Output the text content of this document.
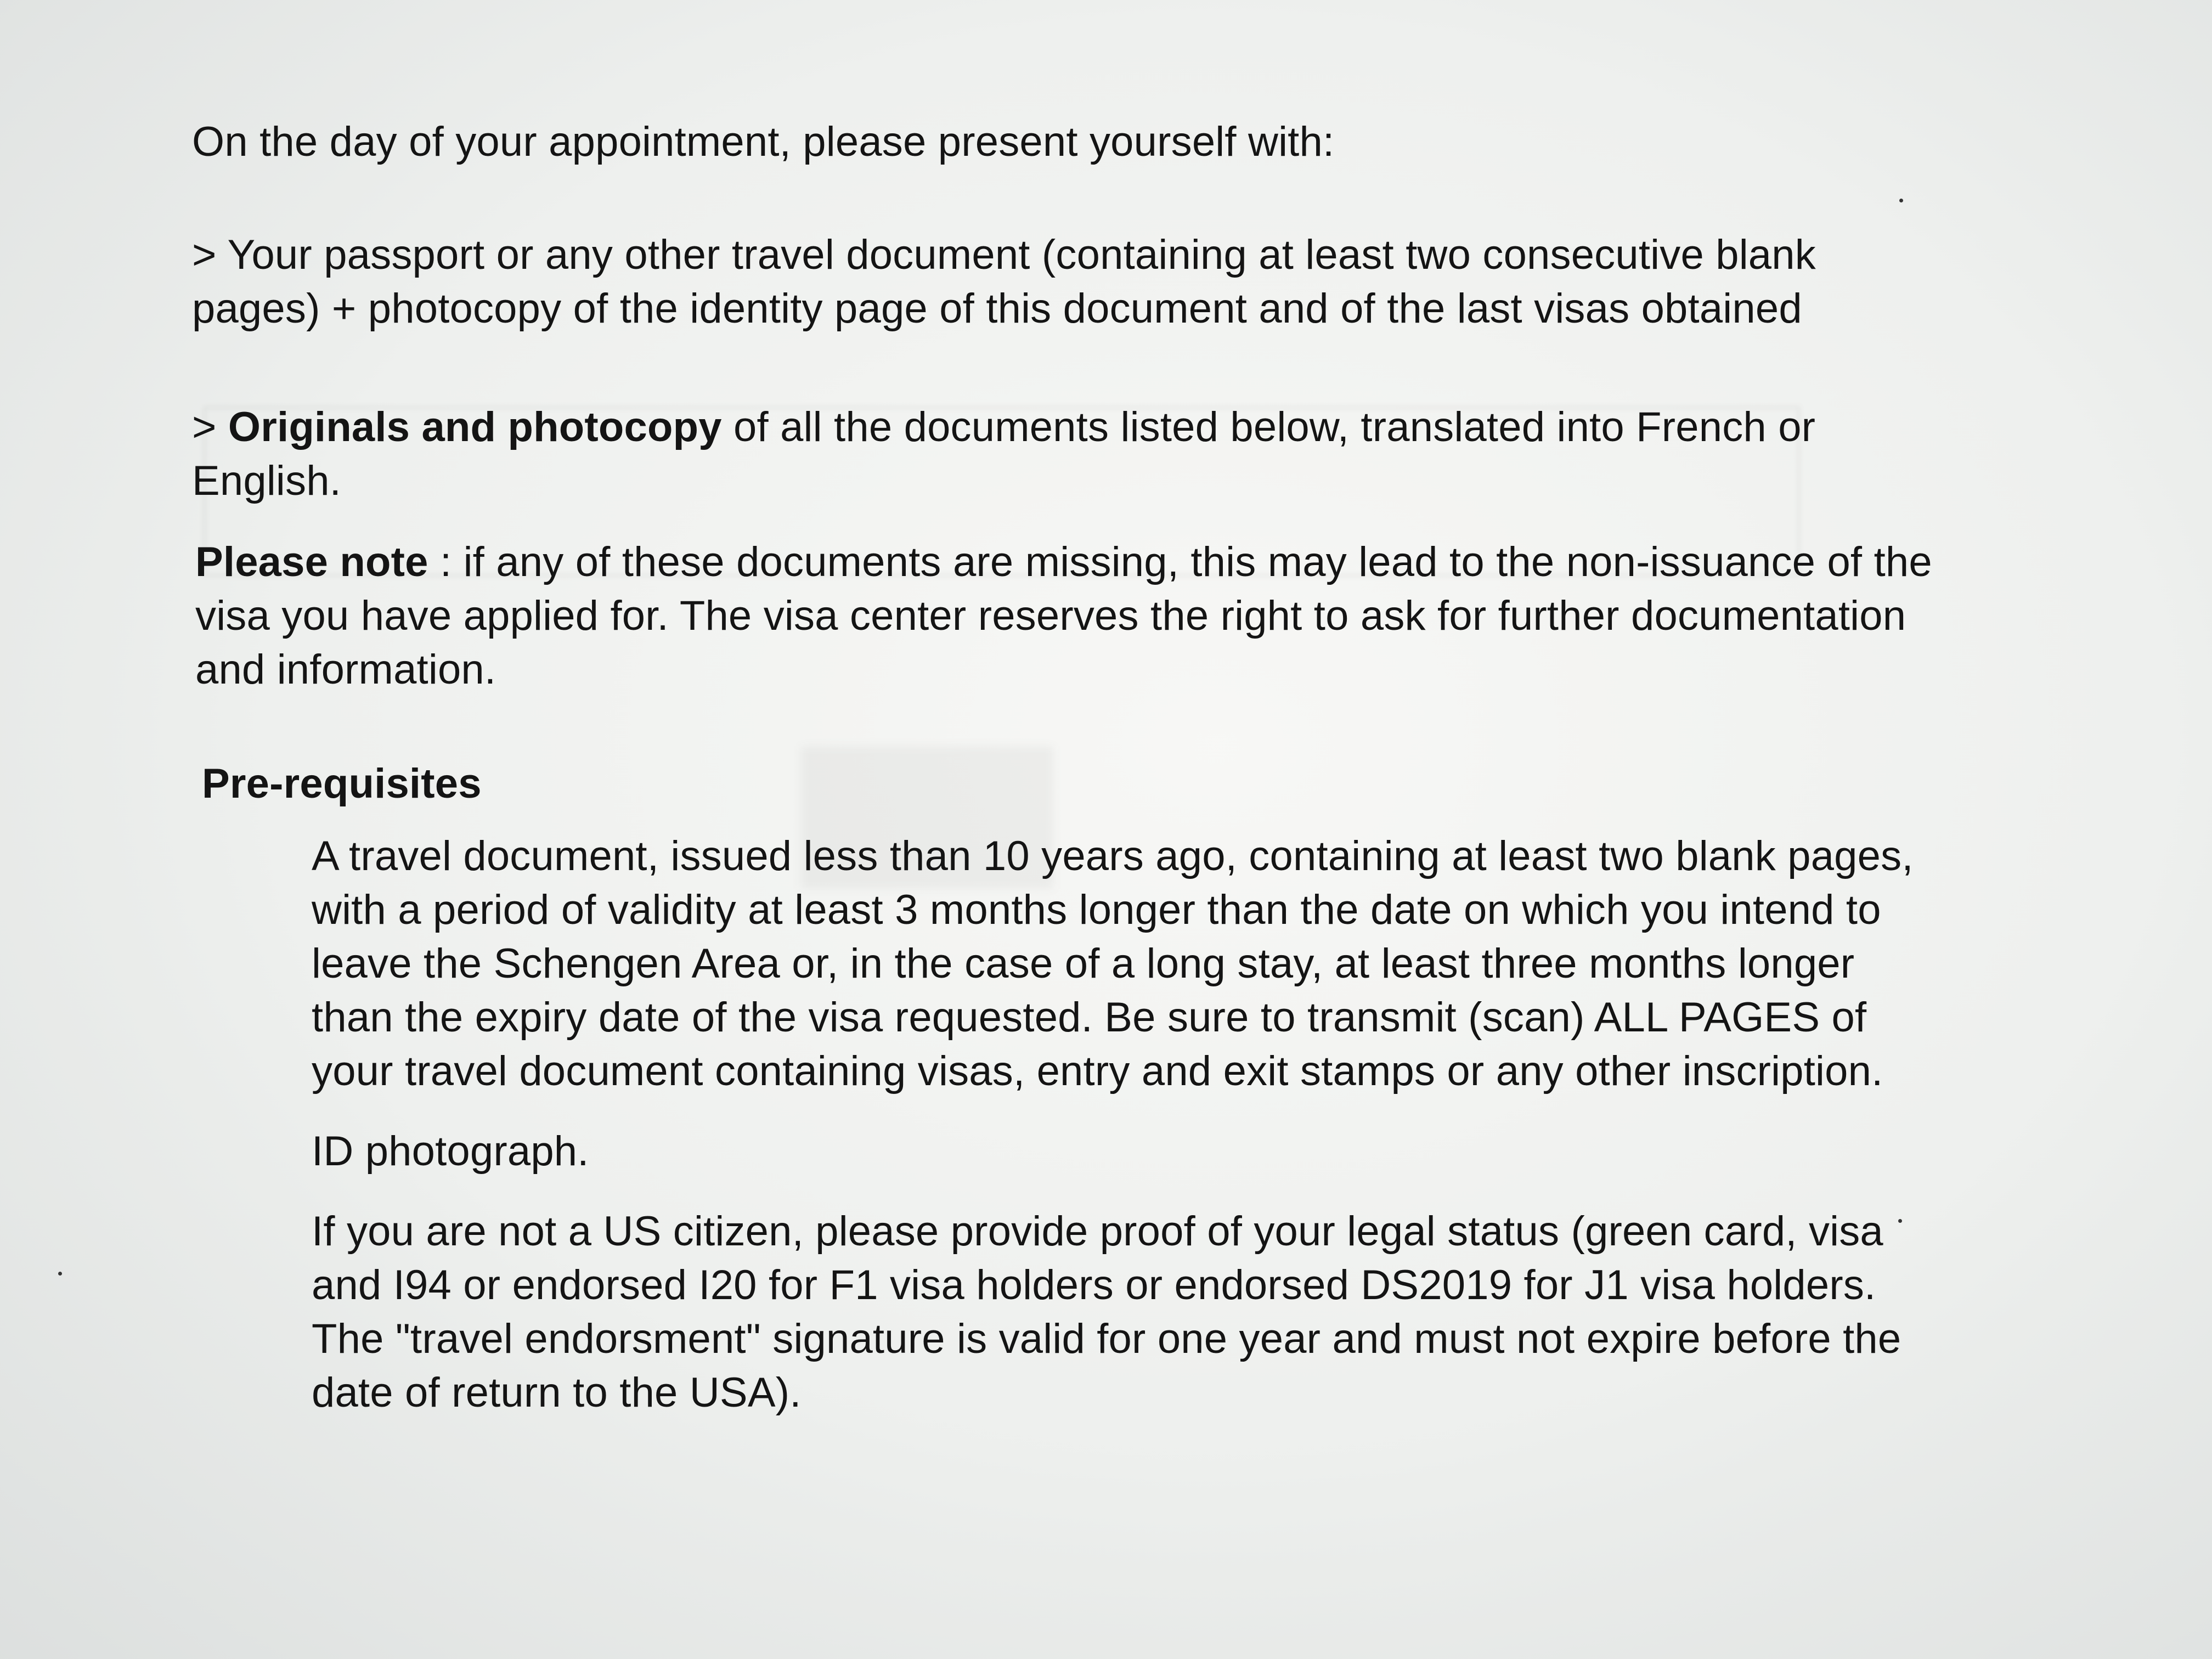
On the day of your appointment, please present yourself with:

> Your passport or any other travel document (containing at least two consecutive blank pages) + photocopy of the identity page of this document and of the last visas obtained

> Originals and photocopy of all the documents listed below, translated into French or English.

Please note : if any of these documents are missing, this may lead to the non-issuance of the visa you have applied for. The visa center reserves the right to ask for further documentation and information.

Pre-requisites

A travel document, issued less than 10 years ago, containing at least two blank pages, with a period of validity at least 3 months longer than the date on which you intend to leave the Schengen Area or, in the case of a long stay, at least three months longer than the expiry date of the visa requested. Be sure to transmit (scan) ALL PAGES of your travel document containing visas, entry and exit stamps or any other inscription.
ID photograph.
If you are not a US citizen, please provide proof of your legal status (green card, visa and I94 or endorsed I20 for F1 visa holders or endorsed DS2019 for J1 visa holders. The "travel endorsment" signature is valid for one year and must not expire before the date of return to the USA).
